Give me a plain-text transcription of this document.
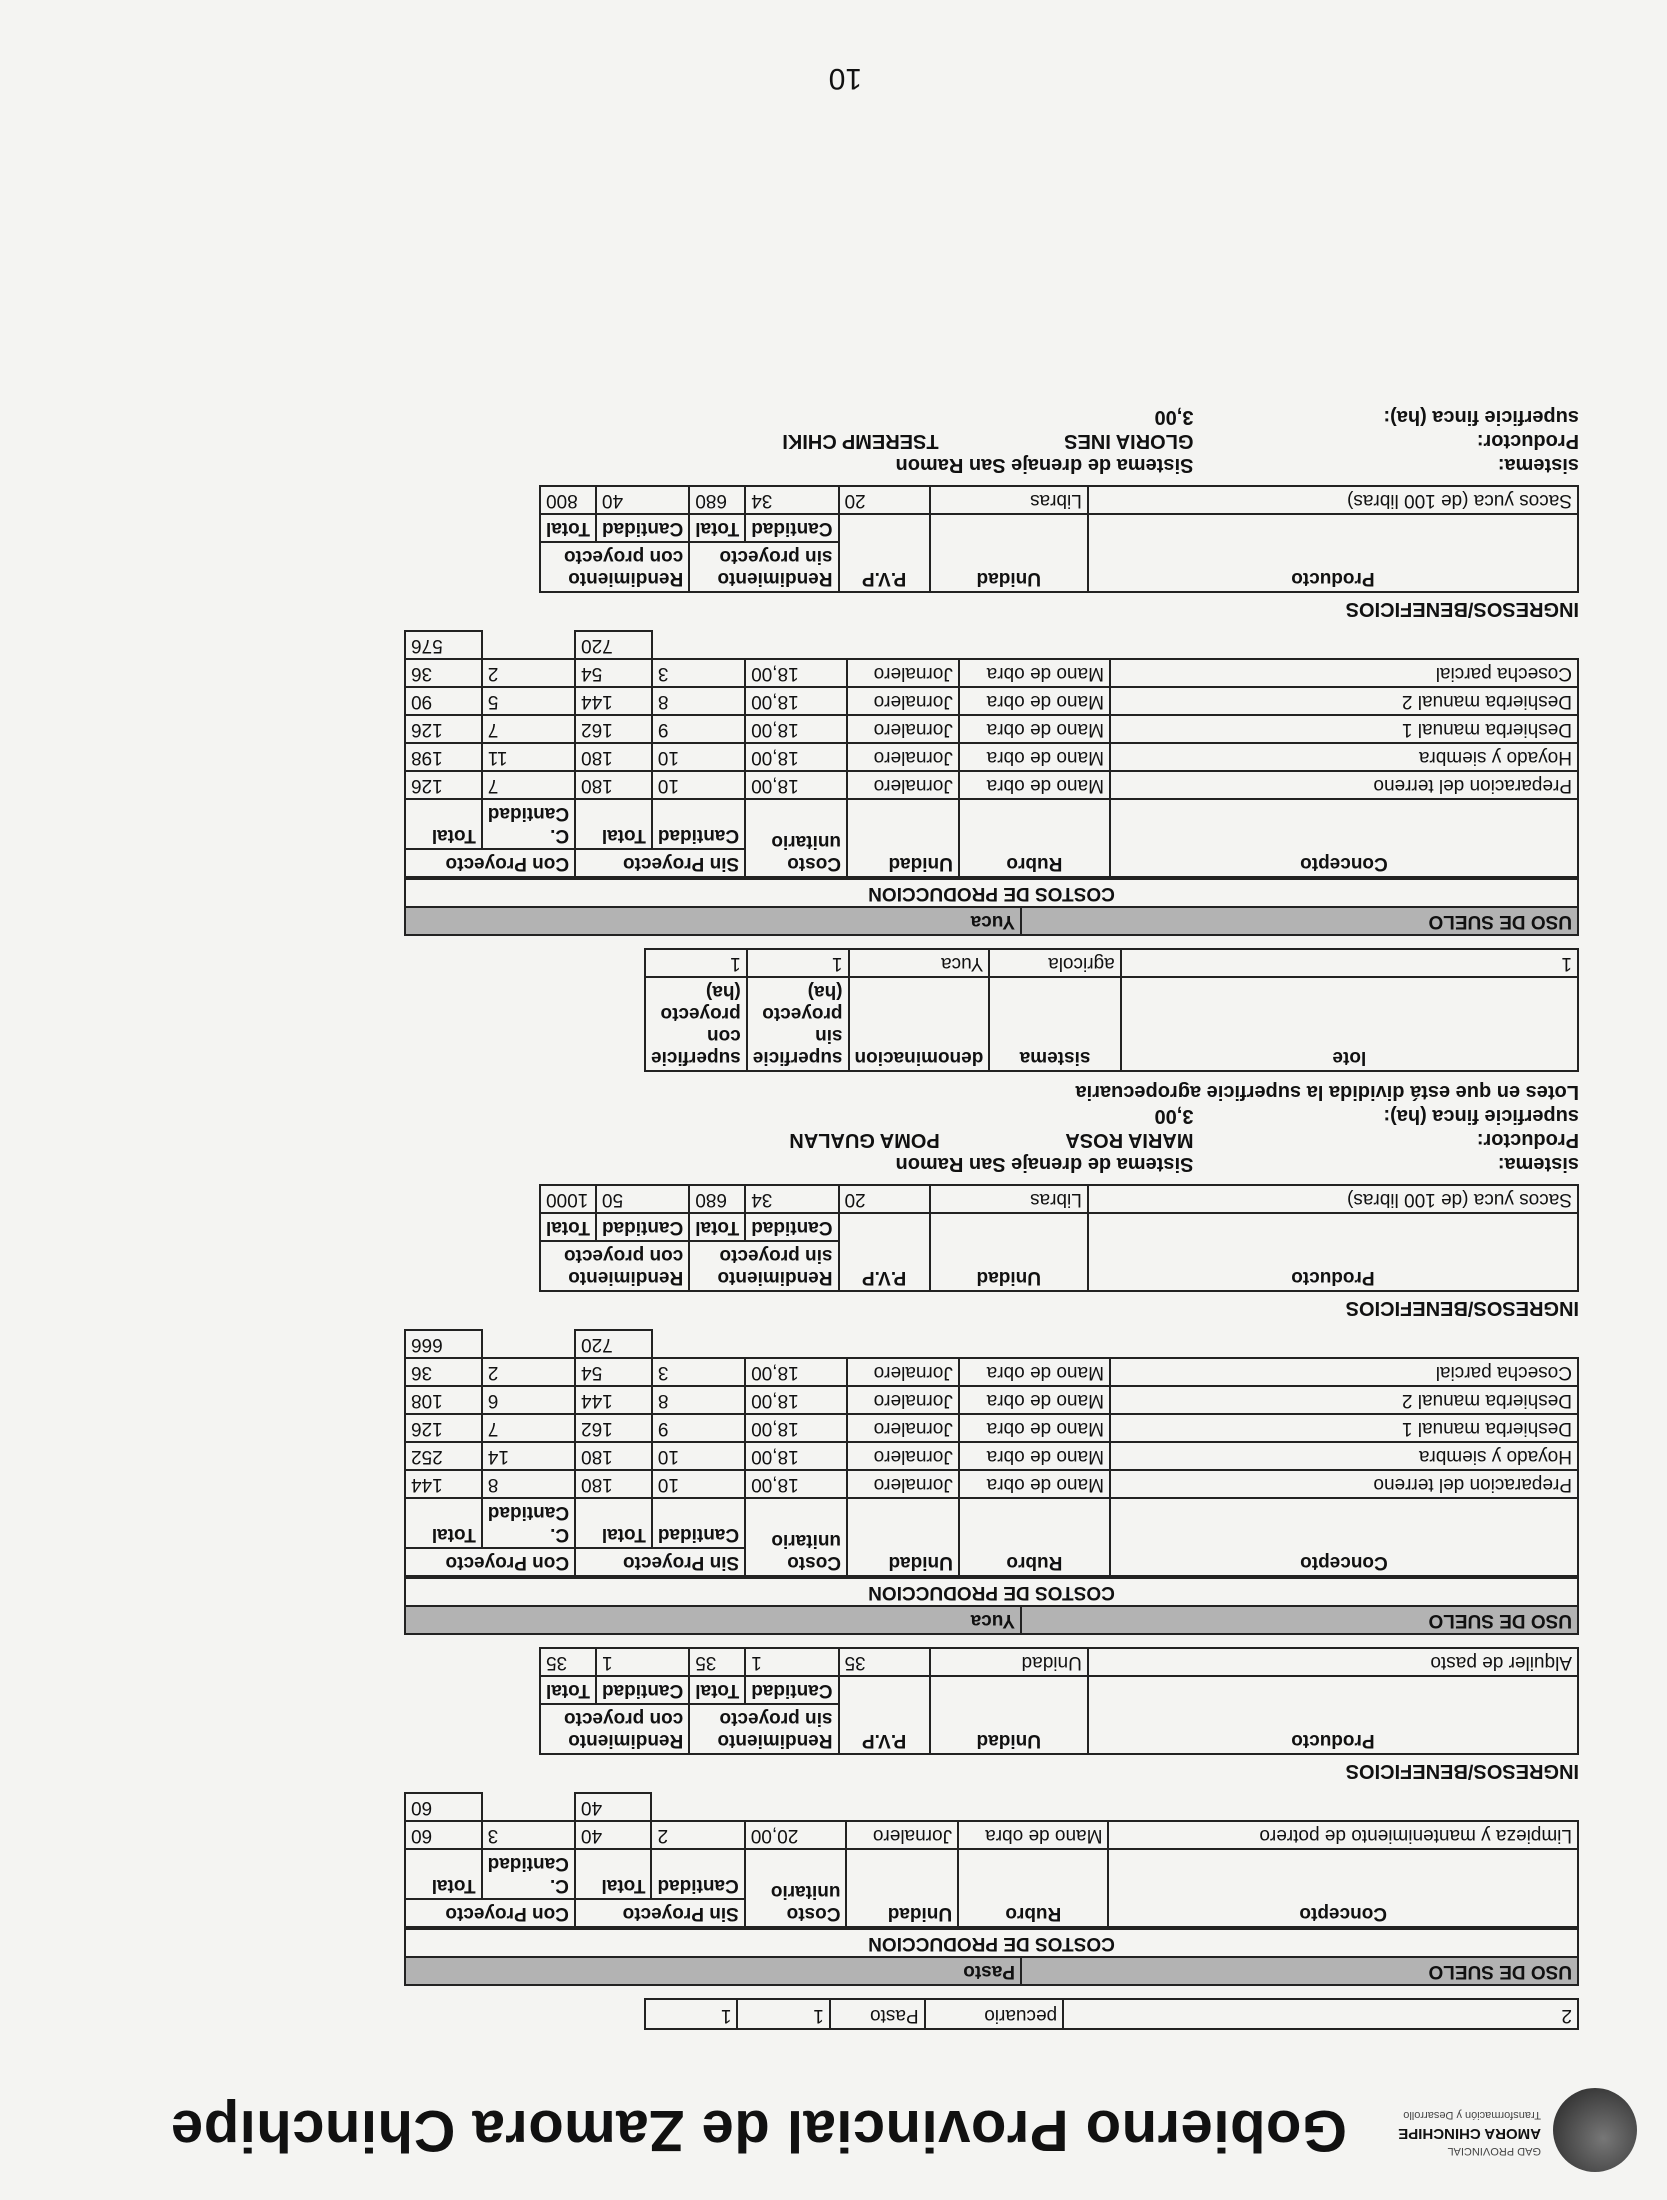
GAD PROVINCIAL
AMORA CHINCHIPE
Transformación y Desarrollo
Gobierno Provincial de Zamora Chinchipe
2	pecuario	Pasto	1	1
USO DE SUELO	Pasto
COSTOS DE PRODUCCION
Concepto	Rubro	Unidad	Costo unitario	Sin Proyecto		Con Proyecto	
				Cantidad	Total	C. Cantidad	Total
Limpieza y mantenimiento de potrero	Mano de obra	Jornalero	20,00	2	40	3	60
					40		60
INGRESOS/BENEFICIOS
Producto	Unidad	P.V.P	Rendimiento sin proyecto		Rendimiento con proyecto	
			Cantidad	Total	Cantidad	Total
Alquiler de pasto	Unidad	35	1	35	1	35
USO DE SUELO	Yuca
COSTOS DE PRODUCCION
Concepto	Rubro	Unidad	Costo unitario	Sin Proyecto		Con Proyecto	
				Cantidad	Total	C. Cantidad	Total
Preparacion del terreno	Mano de obra	Jornalero	18,00	10	180	8	144
Hoyado y siembra	Mano de obra	Jornalero	18,00	10	180	14	252
Deshierba manual 1	Mano de obra	Jornalero	18,00	9	162	7	126
Deshierba manual 2	Mano de obra	Jornalero	18,00	8	144	6	108
Cosecha parcial	Mano de obra	Jornalero	18,00	3	54	2	36
					720		666
INGRESOS/BENEFICIOS
Producto	Unidad	P.V.P	Rendimiento sin proyecto		Rendimiento con proyecto	
			Cantidad	Total	Cantidad	Total
Sacos yuca (de 100 libras)	Libras	20	34	680	50	1000
sistema: Sistema de drenaje San Ramon
Productor: MARIA ROSA POMA GUALAN
superficie finca (ha): 3,00
Lotes en que está dividida la superficie agropecuaria
lote	sistema	denominacion	superficie sin proyecto (ha)	superficie con proyecto (ha)
1	agricola	Yuca	1	1
USO DE SUELO	Yuca
COSTOS DE PRODUCCION
Concepto	Rubro	Unidad	Costo unitario	Sin Proyecto		Con Proyecto	
				Cantidad	Total	C. Cantidad	Total
Preparacion del terreno	Mano de obra	Jornalero	18,00	10	180	7	126
Hoyado y siembra	Mano de obra	Jornalero	18,00	10	180	11	198
Deshierba manual 1	Mano de obra	Jornalero	18,00	9	162	7	126
Deshierba manual 2	Mano de obra	Jornalero	18,00	8	144	5	90
Cosecha parcial	Mano de obra	Jornalero	18,00	3	54	2	36
					720		576
INGRESOS/BENEFICIOS
Producto	Unidad	P.V.P	Rendimiento sin proyecto		Rendimiento con proyecto	
			Cantidad	Total	Cantidad	Total
Sacos yuca (de 100 libras)	Libras	20	34	680	40	800
sistema: Sistema de drenaje San Ramon
Productor: GLORIA INES TSEREMP CHIKI
superficie finca (ha): 3,00
10
